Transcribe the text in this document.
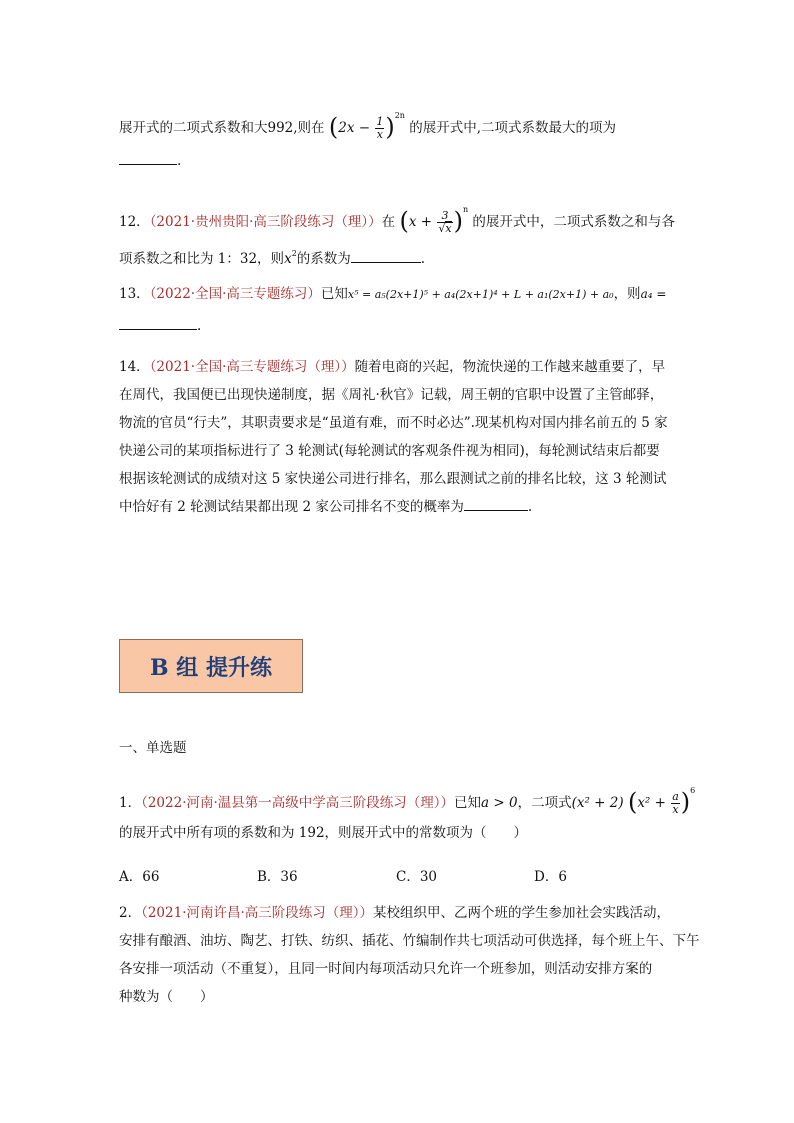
展开式的二项式系数和大992,则在 $(2x - \frac{1}{x} )^{2n}$ 的展开式中,二项式系数最大的项为
.
12．（2021·贵州贵阳·高三阶段练习（理））在 $(x + \frac{3}{√x} )^n$ 的展开式中，二项式系数之和与各
项系数之和比为 1：32，则$x^2$的系数为	.
13．（2022·全国·高三专题练习）已知x⁵ = a₅(2x+1)⁵ + a₄(2x+1)⁴ + L + a₁(2x+1) + a₀，则a₄ =
.
14．（2021·全国·高三专题练习（理））随着电商的兴起，物流快递的工作越来越重要了，早
在周代，我国便已出现快递制度，据《周礼·秋官》记载，周王朝的官职中设置了主管邮驿，
物流的官员“行夫”，其职责要求是“虽道有难，而不时必达”.现某机构对国内排名前五的 5 家
快递公司的某项指标进行了 3 轮测试(每轮测试的客观条件视为相同)，每轮测试结束后都要
根据该轮测试的成绩对这 5 家快递公司进行排名，那么跟测试之前的排名比较，这 3 轮测试
中恰好有 2 轮测试结果都出现 2 家公司排名不变的概率为	.
B 组 提升练
一、单选题
1．（2022·河南·温县第一高级中学高三阶段练习（理））已知a > 0，二项式(x² + 2) $(x^2 + \frac{a}{x} )^6$
的展开式中所有项的系数和为 192，则展开式中的常数项为（　　）
A．66	B．36	C．30	D．6
2．（2021·河南许昌·高三阶段练习（理））某校组织甲、乙两个班的学生参加社会实践活动，
安排有酿酒、油坊、陶艺、打铁、纺织、插花、竹编制作共七项活动可供选择，每个班上午、下午
各安排一项活动（不重复），且同一时间内每项活动只允许一个班参加，则活动安排方案的
种数为（　　）
